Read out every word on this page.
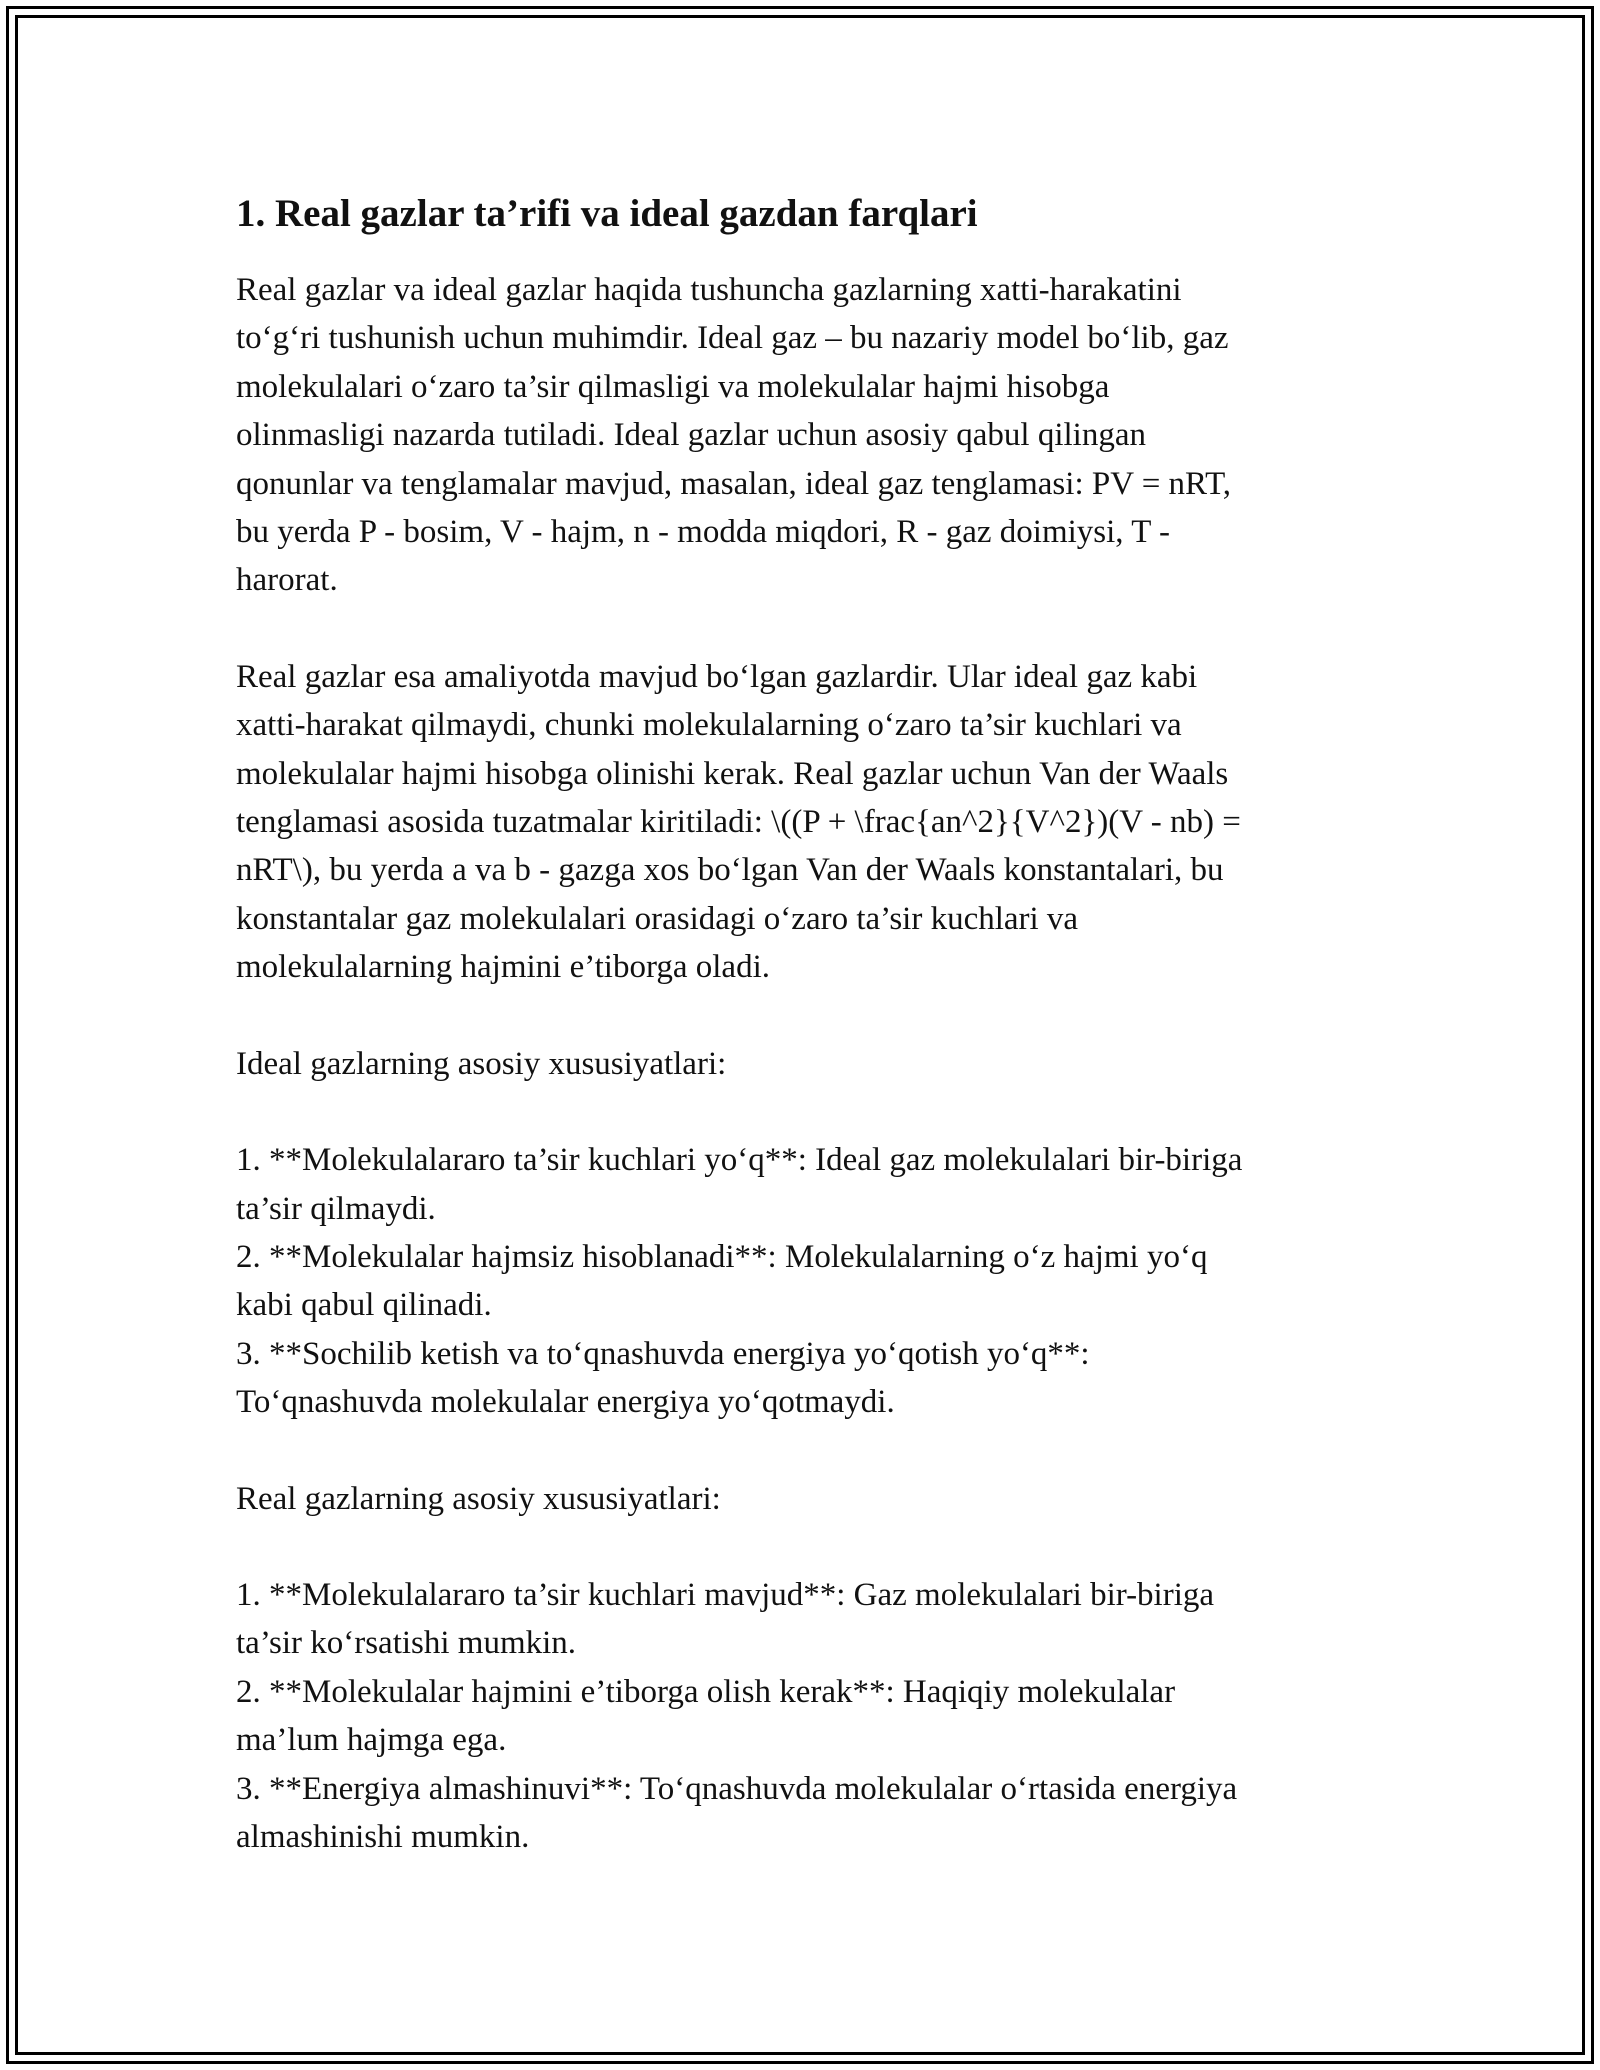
1. Real gazlar ta’rifi va ideal gazdan farqlari

Real gazlar va ideal gazlar haqida tushuncha gazlarning xatti-harakatini
to‘g‘ri tushunish uchun muhimdir. Ideal gaz – bu nazariy model bo‘lib, gaz
molekulalari o‘zaro ta’sir qilmasligi va molekulalar hajmi hisobga
olinmasligi nazarda tutiladi. Ideal gazlar uchun asosiy qabul qilingan
qonunlar va tenglamalar mavjud, masalan, ideal gaz tenglamasi: PV = nRT,
bu yerda P - bosim, V - hajm, n - modda miqdori, R - gaz doimiysi, T -
harorat.

Real gazlar esa amaliyotda mavjud bo‘lgan gazlardir. Ular ideal gaz kabi
xatti-harakat qilmaydi, chunki molekulalarning o‘zaro ta’sir kuchlari va
molekulalar hajmi hisobga olinishi kerak. Real gazlar uchun Van der Waals
tenglamasi asosida tuzatmalar kiritiladi: \((P + \frac{an^2}{V^2})(V - nb) =
nRT\), bu yerda a va b - gazga xos bo‘lgan Van der Waals konstantalari, bu
konstantalar gaz molekulalari orasidagi o‘zaro ta’sir kuchlari va
molekulalarning hajmini e’tiborga oladi.

Ideal gazlarning asosiy xususiyatlari:

1. **Molekulalararo ta’sir kuchlari yo‘q**: Ideal gaz molekulalari bir-biriga
ta’sir qilmaydi.
2. **Molekulalar hajmsiz hisoblanadi**: Molekulalarning o‘z hajmi yo‘q
kabi qabul qilinadi.
3. **Sochilib ketish va to‘qnashuvda energiya yo‘qotish yo‘q**:
To‘qnashuvda molekulalar energiya yo‘qotmaydi.

Real gazlarning asosiy xususiyatlari:

1. **Molekulalararo ta’sir kuchlari mavjud**: Gaz molekulalari bir-biriga
ta’sir ko‘rsatishi mumkin.
2. **Molekulalar hajmini e’tiborga olish kerak**: Haqiqiy molekulalar
ma’lum hajmga ega.
3. **Energiya almashinuvi**: To‘qnashuvda molekulalar o‘rtasida energiya
almashinishi mumkin.
